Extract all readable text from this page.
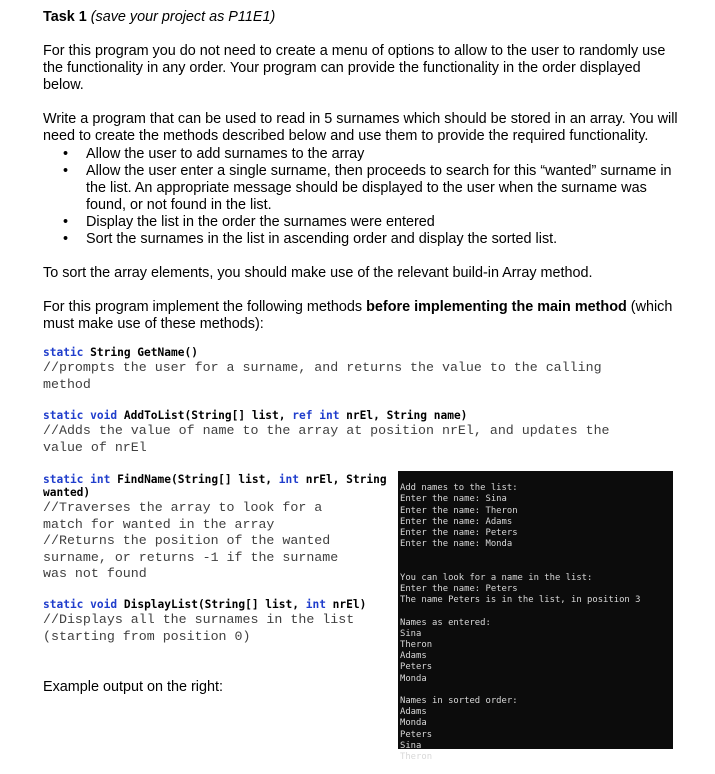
Task 1 (save your project as P11E1)
For this program you do not need to create a menu of options to allow to the user to randomly use the functionality in any order. Your program can provide the functionality in the order displayed below.
Write a program that can be used to read in 5 surnames which should be stored in an array. You will need to create the methods described below and use them to provide the required functionality.
• Allow the user to add surnames to the array
• Allow the user enter a single surname, then proceeds to search for this “wanted” surname in the list. An appropriate message should be displayed to the user when the surname was found, or not found in the list.
• Display the list in the order the surnames were entered
• Sort the surnames in the list in ascending order and display the sorted list.
To sort the array elements, you should make use of the relevant build-in Array method.
For this program implement the following methods before implementing the main method (which must make use of these methods):
static String GetName()
//prompts the user for a surname, and returns the value to the calling
method
static void AddToList(String[] list, ref int nrEl, String name)
//Adds the value of name to the array at position nrEl, and updates the
value of nrEl
static int FindName(String[] list, int nrEl, String
wanted)
//Traverses the array to look for a
match for wanted in the array
//Returns the position of the wanted
surname, or returns -1 if the surname
was not found
static void DisplayList(String[] list, int nrEl)
//Displays all the surnames in the list
(starting from position 0)
Example output on the right:

Add names to the list:
Enter the name: Sina
Enter the name: Theron
Enter the name: Adams
Enter the name: Peters
Enter the name: Monda
You can look for a name in the list:
Enter the name: Peters
The name Peters is in the list, in position 3
Names as entered:
Sina
Theron
Adams
Peters
Monda
Names in sorted order:
Adams
Monda
Peters
Sina
Theron
